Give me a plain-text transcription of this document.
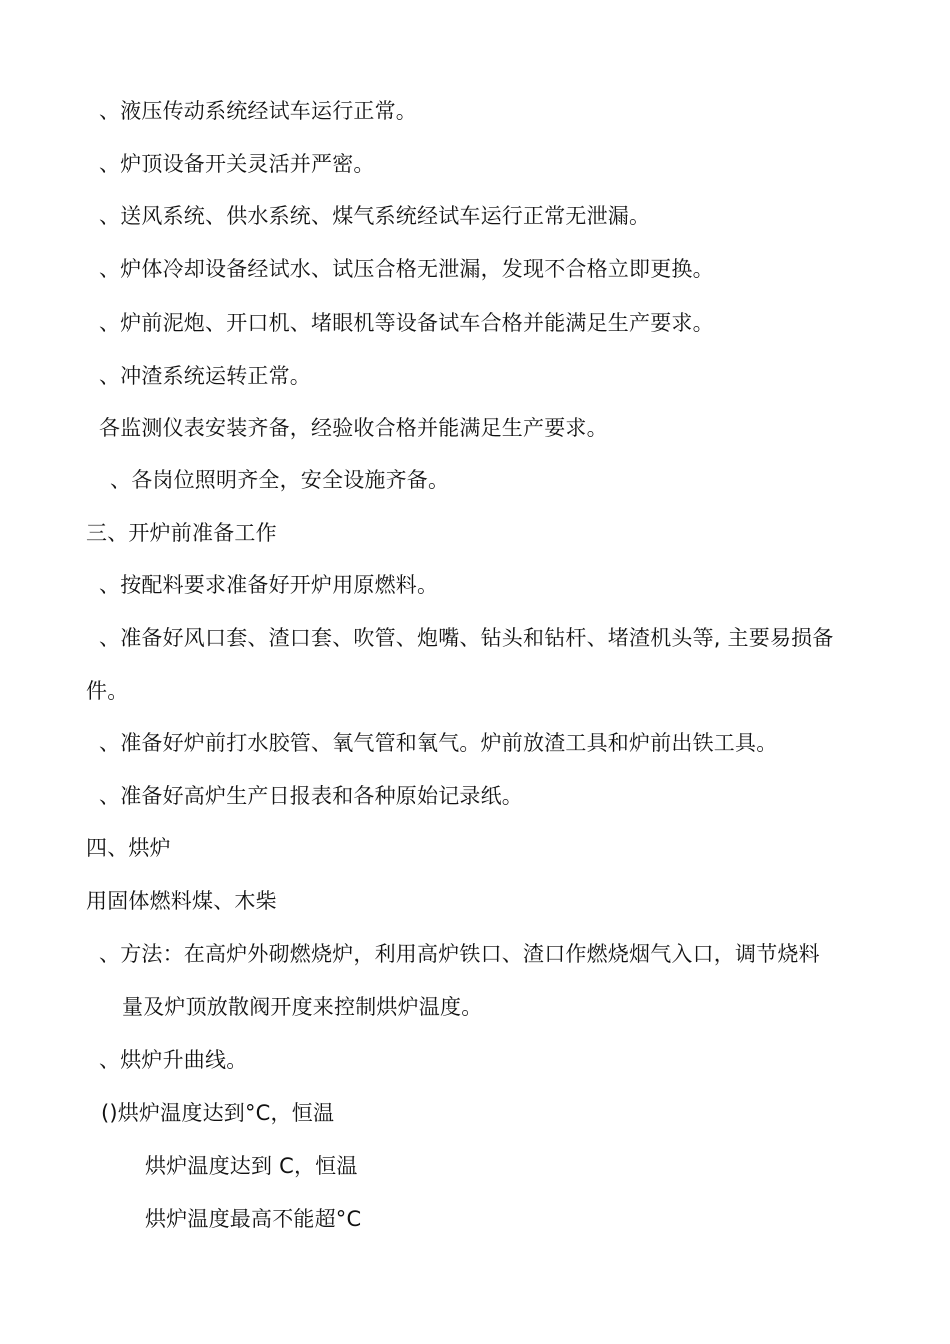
、液压传动系统经试车运行正常。
、炉顶设备开关灵活并严密。
、送风系统、供水系统、煤气系统经试车运行正常无泄漏。
、炉体冷却设备经试水、试压合格无泄漏，发现不合格立即更换。
、炉前泥炮、开口机、堵眼机等设备试车合格并能满足生产要求。
、冲渣系统运转正常。
各监测仪表安装齐备，经验收合格并能满足生产要求。
、各岗位照明齐全，安全设施齐备。
三、开炉前准备工作
、按配料要求准备好开炉用原燃料。
、准备好风口套、渣口套、吹管、炮嘴、钻头和钻杆、堵渣机头等, 主要易损备
件。
、准备好炉前打水胶管、氧气管和氧气。炉前放渣工具和炉前出铁工具。
、准备好高炉生产日报表和各种原始记录纸。
四、烘炉
用固体燃料煤、木柴
、方法：在高炉外砌燃烧炉，利用高炉铁口、渣口作燃烧烟气入口，调节烧料
量及炉顶放散阀开度来控制烘炉温度。
、烘炉升曲线。
()烘炉温度达到°C，恒温
烘炉温度达到 C，恒温
烘炉温度最高不能超°C
